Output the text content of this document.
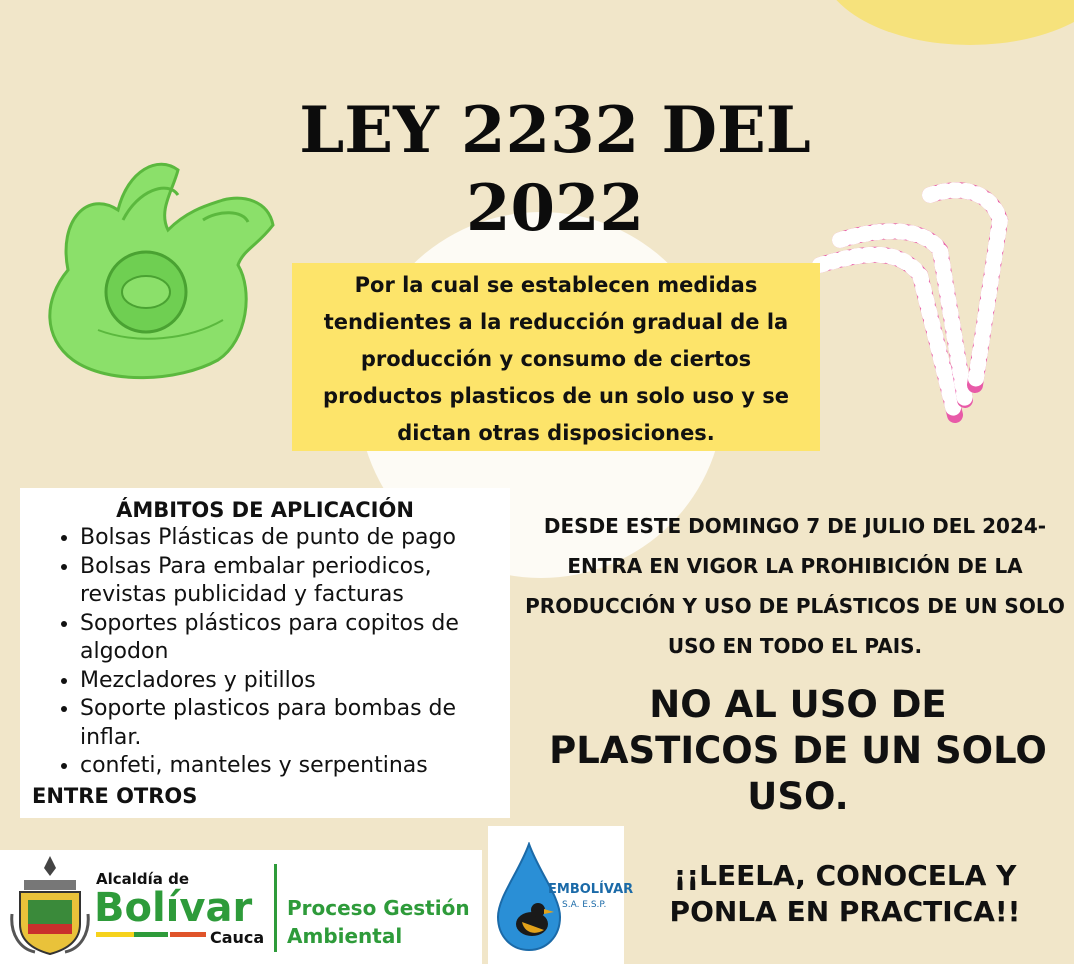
LEY 2232 DEL
2022
Por la cual se establecen medidas tendientes a la reducción gradual de la producción y consumo de ciertos productos plasticos de un solo uso y se dictan otras disposiciones.
ÁMBITOS DE APLICACIÓN
• Bolsas Plásticas de punto de pago
• Bolsas Para embalar periodicos, revistas publicidad y facturas
• Soportes plásticos para copitos de algodon
• Mezcladores y pitillos
• Soporte plasticos para bombas de inflar.
• confeti, manteles y serpentinas
ENTRE OTROS
DESDE ESTE DOMINGO 7 DE JULIO DEL 2024- ENTRA EN VIGOR LA PROHIBICIÓN DE LA PRODUCCIÓN Y USO DE PLÁSTICOS DE UN SOLO USO EN TODO EL PAIS.
NO AL USO DE PLASTICOS DE UN SOLO USO.
Alcaldía de
Bolívar
Cauca
Proceso Gestión
Ambiental
EMBOLÍVAR
S.A. E.S.P.
¡¡LEELA, CONOCELA Y
PONLA EN PRACTICA!!
